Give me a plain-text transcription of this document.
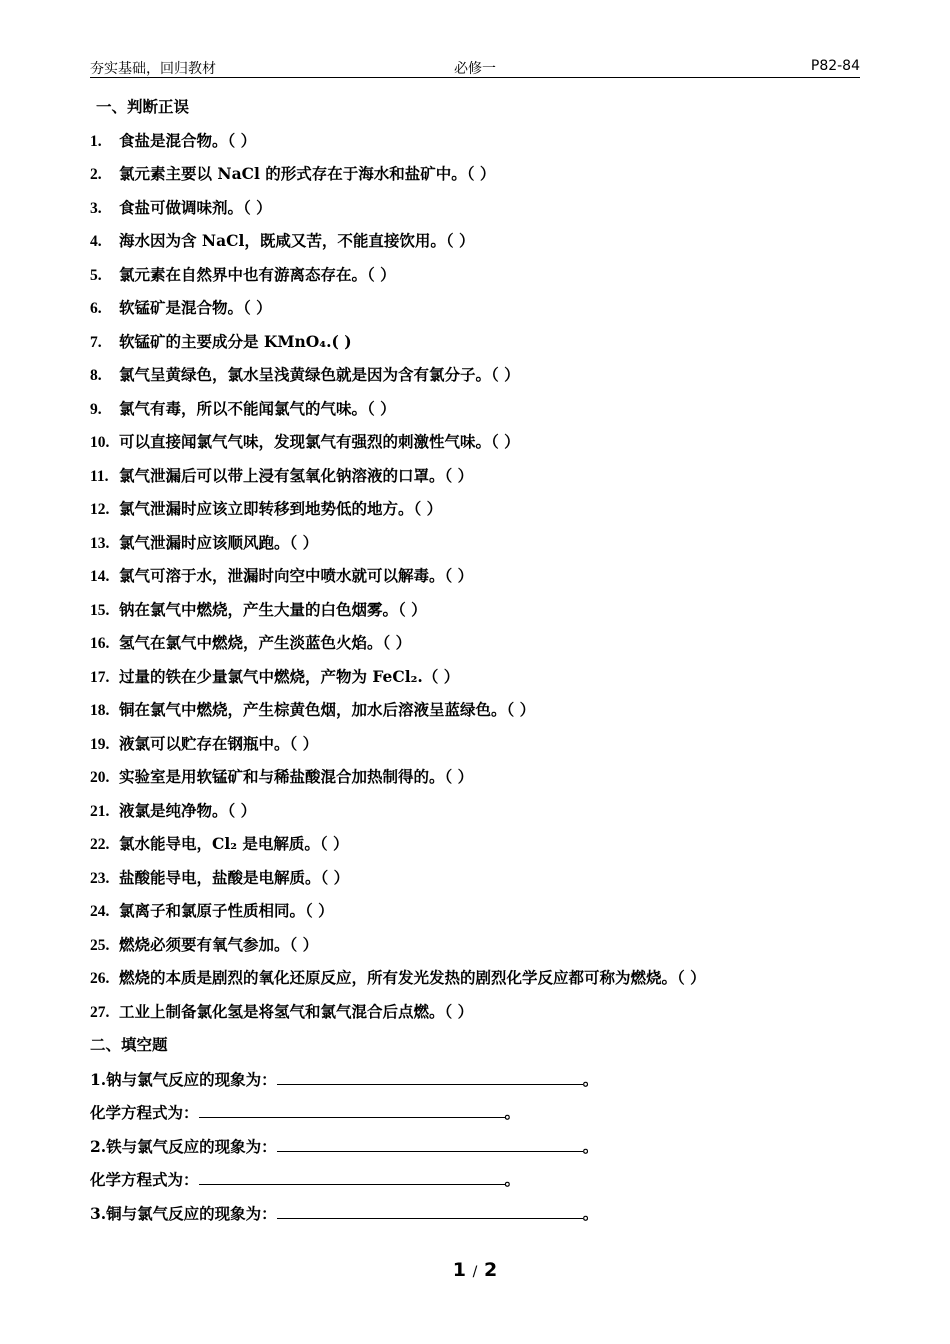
夯实基础，回归教材	必修一	P82-84
一、判断正误
1. 食盐是混合物。（ ）
2. 氯元素主要以 NaCl 的形式存在于海水和盐矿中。（ ）
3. 食盐可做调味剂。（ ）
4. 海水因为含 NaCl，既咸又苦，不能直接饮用。（ ）
5. 氯元素在自然界中也有游离态存在。（ ）
6. 软锰矿是混合物。（ ）
7. 软锰矿的主要成分是 KMnO₄.( )
8. 氯气呈黄绿色，氯水呈浅黄绿色就是因为含有氯分子。（ ）
9. 氯气有毒，所以不能闻氯气的气味。（ ）
10. 可以直接闻氯气气味，发现氯气有强烈的刺激性气味。（ ）
11. 氯气泄漏后可以带上浸有氢氧化钠溶液的口罩。（ ）
12. 氯气泄漏时应该立即转移到地势低的地方。（ ）
13. 氯气泄漏时应该顺风跑。（ ）
14. 氯气可溶于水，泄漏时向空中喷水就可以解毒。（ ）
15. 钠在氯气中燃烧，产生大量的白色烟雾。（ ）
16. 氢气在氯气中燃烧，产生淡蓝色火焰。（ ）
17. 过量的铁在少量氯气中燃烧，产物为 FeCl₂.（ ）
18. 铜在氯气中燃烧，产生棕黄色烟，加水后溶液呈蓝绿色。（ ）
19. 液氯可以贮存在钢瓶中。（ ）
20. 实验室是用软锰矿和与稀盐酸混合加热制得的。（ ）
21. 液氯是纯净物。（ ）
22. 氯水能导电，Cl₂ 是电解质。（ ）
23. 盐酸能导电，盐酸是电解质。（ ）
24. 氯离子和氯原子性质相同。（ ）
25. 燃烧必须要有氧气参加。（ ）
26. 燃烧的本质是剧烈的氧化还原反应，所有发光发热的剧烈化学反应都可称为燃烧。（ ）
27. 工业上制备氯化氢是将氢气和氯气混合后点燃。（ ）
二、填空题
1.钠与氯气反应的现象为：	。
化学方程式为：	。
2.铁与氯气反应的现象为：	。
化学方程式为：	。
3.铜与氯气反应的现象为：	。
1 / 2
